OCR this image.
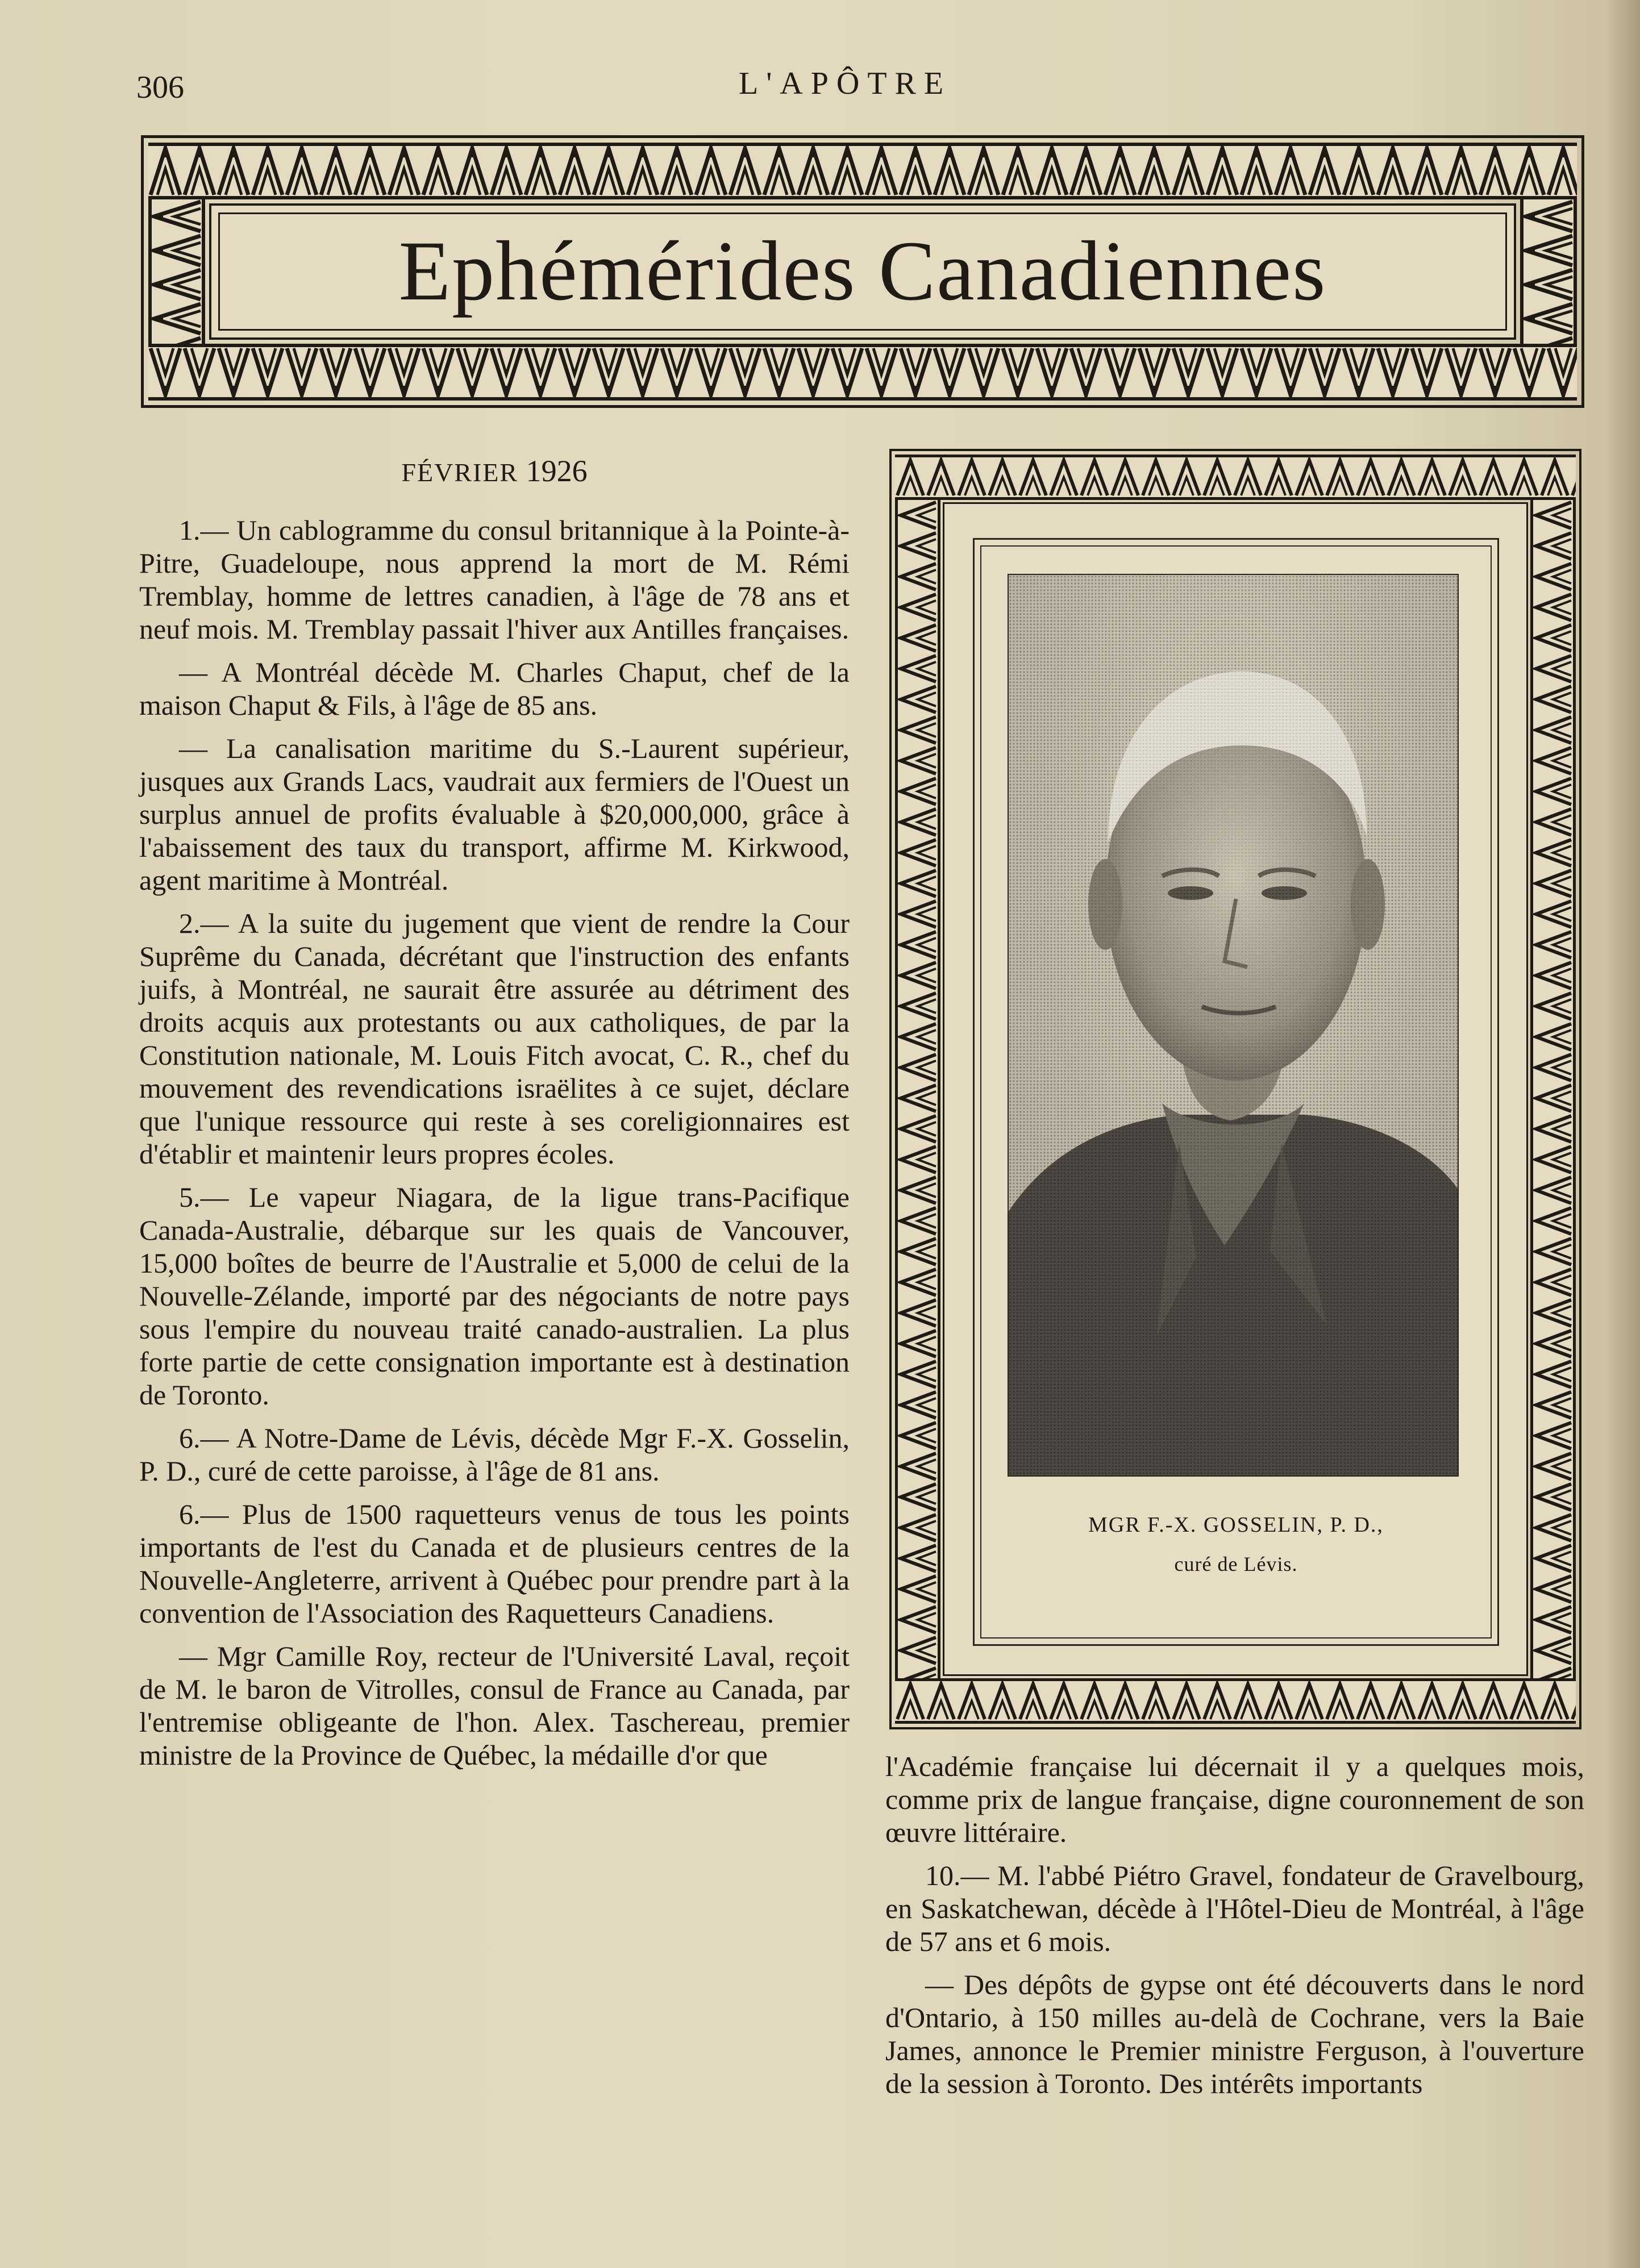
306	L'APÔTRE
Ephémérides Canadiennes
FÉVRIER 1926

1.— Un cablogramme du consul britannique à la Pointe-à-Pitre, Guadeloupe, nous apprend la mort de M. Rémi Tremblay, homme de lettres canadien, à l'âge de 78 ans et neuf mois. M. Tremblay passait l'hiver aux Antilles françaises.

— A Montréal décède M. Charles Chaput, chef de la maison Chaput & Fils, à l'âge de 85 ans.

— La canalisation maritime du S.-Laurent supérieur, jusques aux Grands Lacs, vaudrait aux fermiers de l'Ouest un surplus annuel de profits évaluable à $20,000,000, grâce à l'abaissement des taux du transport, affirme M. Kirkwood, agent maritime à Montréal.

2.— A la suite du jugement que vient de rendre la Cour Suprême du Canada, décrétant que l'instruction des enfants juifs, à Montréal, ne saurait être assurée au détriment des droits acquis aux protestants ou aux catholiques, de par la Constitution nationale, M. Louis Fitch avocat, C. R., chef du mouvement des revendications israëlites à ce sujet, déclare que l'unique ressource qui reste à ses coreligionnaires est d'établir et maintenir leurs propres écoles.

5.— Le vapeur Niagara, de la ligue trans-Pacifique Canada-Australie, débarque sur les quais de Vancouver, 15,000 boîtes de beurre de l'Australie et 5,000 de celui de la Nouvelle-Zélande, importé par des négociants de notre pays sous l'empire du nouveau traité canado-australien. La plus forte partie de cette consignation importante est à destination de Toronto.

6.— A Notre-Dame de Lévis, décède Mgr F.-X. Gosselin, P. D., curé de cette paroisse, à l'âge de 81 ans.

6.— Plus de 1500 raquetteurs venus de tous les points importants de l'est du Canada et de plusieurs centres de la Nouvelle-Angleterre, arrivent à Québec pour prendre part à la convention de l'Association des Raquetteurs Canadiens.

— Mgr Camille Roy, recteur de l'Université Laval, reçoit de M. le baron de Vitrolles, consul de France au Canada, par l'entremise obligeante de l'hon. Alex. Taschereau, premier ministre de la Province de Québec, la médaille d'or que

MGR F.-X. GOSSELIN, P. D.,
curé de Lévis.

l'Académie française lui décernait il y a quelques mois, comme prix de langue française, digne couronnement de son œuvre littéraire.

10.— M. l'abbé Piétro Gravel, fondateur de Gravelbourg, en Saskatchewan, décède à l'Hôtel-Dieu de Montréal, à l'âge de 57 ans et 6 mois.

— Des dépôts de gypse ont été découverts dans le nord d'Ontario, à 150 milles au-delà de Cochrane, vers la Baie James, annonce le Premier ministre Ferguson, à l'ouverture de la session à Toronto. Des intérêts importants
